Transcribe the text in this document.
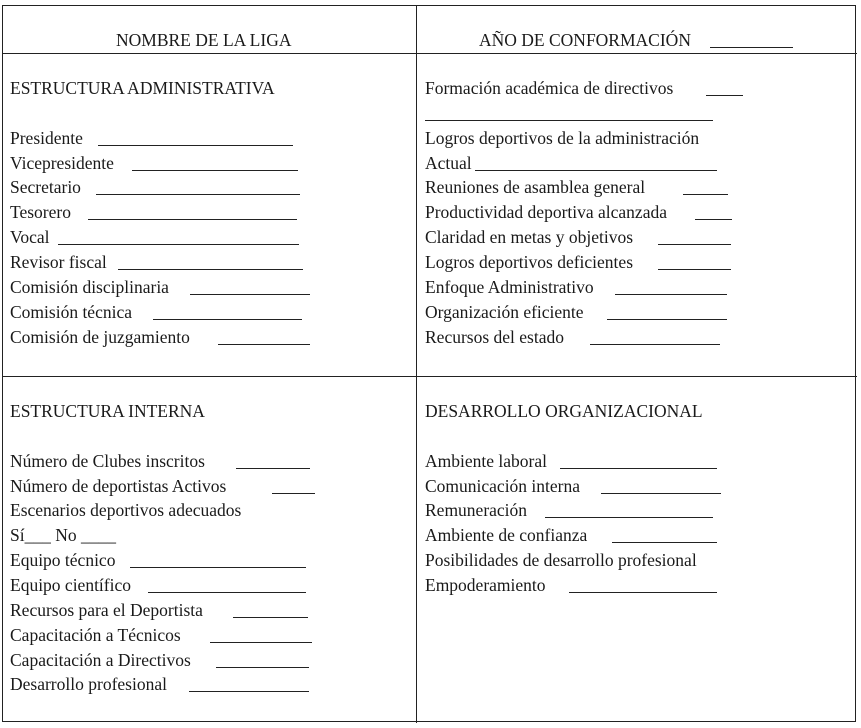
NOMBRE DE LA LIGA	AÑO DE CONFORMACIÓN
ESTRUCTURA ADMINISTRATIVA
Presidente
Vicepresidente
Secretario
Tesorero
Vocal
Revisor fiscal
Comisión disciplinaria
Comisión técnica
Comisión de juzgamiento
Formación académica de directivos
Logros deportivos de la administración
Actual
Reuniones de asamblea general
Productividad deportiva alcanzada
Claridad en metas y objetivos
Logros deportivos deficientes
Enfoque Administrativo
Organización eficiente
Recursos del estado
ESTRUCTURA INTERNA
Número de Clubes inscritos
Número de deportistas Activos
Escenarios deportivos adecuados
Sí___ No ____
Equipo técnico
Equipo científico
Recursos para el Deportista
Capacitación a Técnicos
Capacitación a Directivos
Desarrollo profesional
DESARROLLO ORGANIZACIONAL
Ambiente laboral
Comunicación interna
Remuneración
Ambiente de confianza
Posibilidades de desarrollo profesional
Empoderamiento
